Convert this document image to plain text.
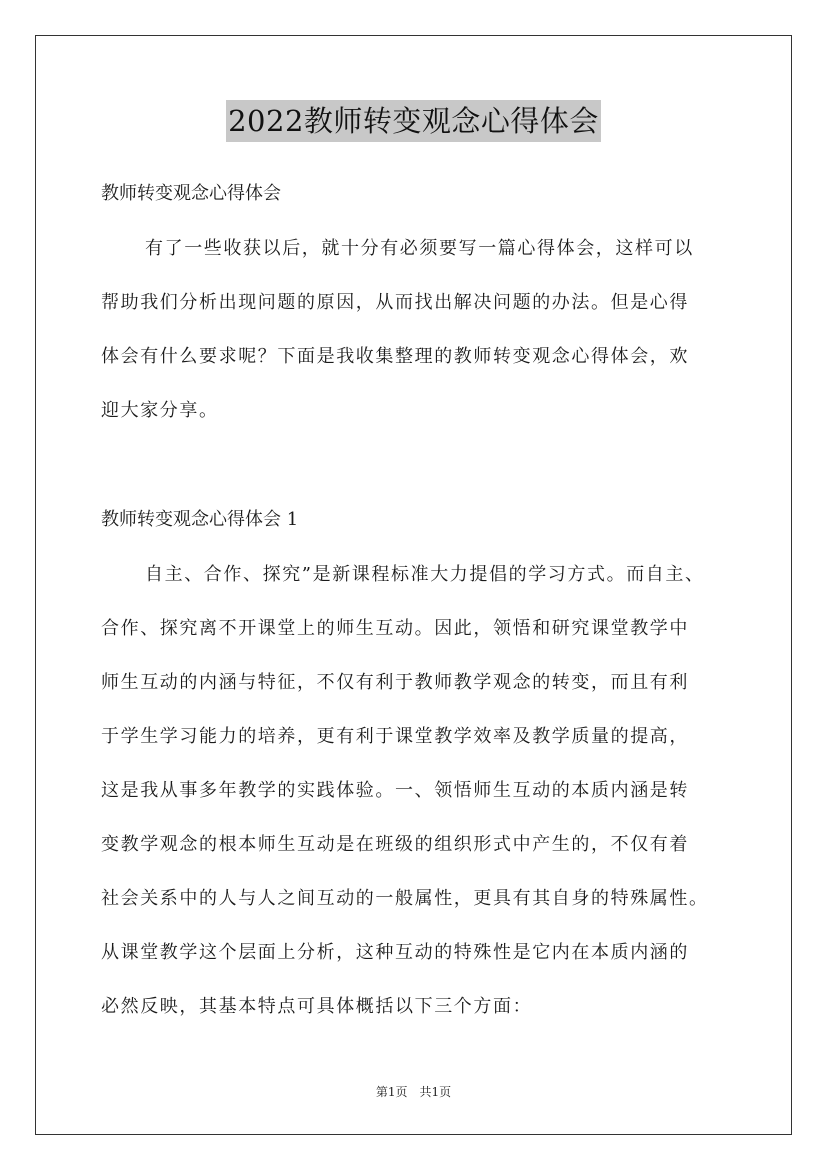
2022教师转变观念心得体会
教师转变观念心得体会
有了一些收获以后，就十分有必须要写一篇心得体会，这样可以
帮助我们分析出现问题的原因，从而找出解决问题的办法。但是心得
体会有什么要求呢？下面是我收集整理的教师转变观念心得体会，欢
迎大家分享。
教师转变观念心得体会 1
自主、合作、探究”是新课程标准大力提倡的学习方式。而自主、
合作、探究离不开课堂上的师生互动。因此，领悟和研究课堂教学中
师生互动的内涵与特征，不仅有利于教师教学观念的转变，而且有利
于学生学习能力的培养，更有利于课堂教学效率及教学质量的提高，
这是我从事多年教学的实践体验。一、领悟师生互动的本质内涵是转
变教学观念的根本师生互动是在班级的组织形式中产生的，不仅有着
社会关系中的人与人之间互动的一般属性，更具有其自身的特殊属性。
从课堂教学这个层面上分析，这种互动的特殊性是它内在本质内涵的
必然反映，其基本特点可具体概括以下三个方面：
第1页　共1页
